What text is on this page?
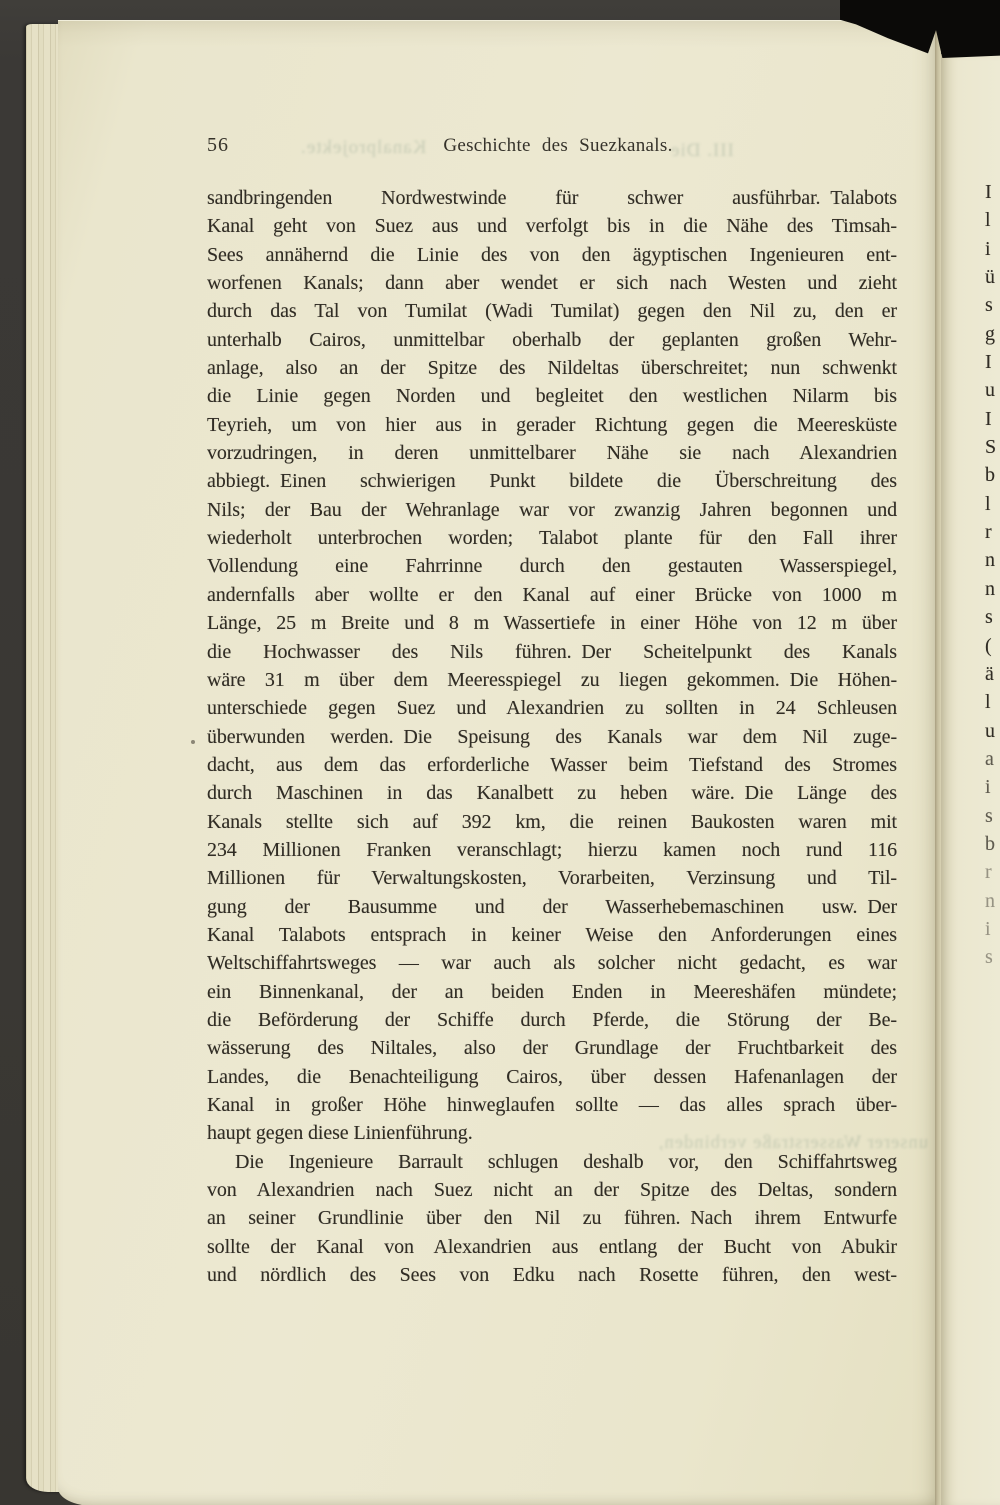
56	Geschichte des Suezkanals.
Kanalprojekte.	III. Die
sandbringenden Nordwestwinde für schwer ausführbar. Talabots
Kanal geht von Suez aus und verfolgt bis in die Nähe des Timsah-
Sees annähernd die Linie des von den ägyptischen Ingenieuren ent-
worfenen Kanals; dann aber wendet er sich nach Westen und zieht
durch das Tal von Tumilat (Wadi Tumilat) gegen den Nil zu, den er
unterhalb Cairos, unmittelbar oberhalb der geplanten großen Wehr-
anlage, also an der Spitze des Nildeltas überschreitet; nun schwenkt
die Linie gegen Norden und begleitet den westlichen Nilarm bis
Teyrieh, um von hier aus in gerader Richtung gegen die Meeresküste
vorzudringen, in deren unmittelbarer Nähe sie nach Alexandrien
abbiegt. Einen schwierigen Punkt bildete die Überschreitung des
Nils; der Bau der Wehranlage war vor zwanzig Jahren begonnen und
wiederholt unterbrochen worden; Talabot plante für den Fall ihrer
Vollendung eine Fahrrinne durch den gestauten Wasserspiegel,
andernfalls aber wollte er den Kanal auf einer Brücke von 1000 m
Länge, 25 m Breite und 8 m Wassertiefe in einer Höhe von 12 m über
die Hochwasser des Nils führen. Der Scheitelpunkt des Kanals
wäre 31 m über dem Meeresspiegel zu liegen gekommen. Die Höhen-
unterschiede gegen Suez und Alexandrien zu sollten in 24 Schleusen
überwunden werden. Die Speisung des Kanals war dem Nil zuge-
dacht, aus dem das erforderliche Wasser beim Tiefstand des Stromes
durch Maschinen in das Kanalbett zu heben wäre. Die Länge des
Kanals stellte sich auf 392 km, die reinen Baukosten waren mit
234 Millionen Franken veranschlagt; hierzu kamen noch rund 116
Millionen für Verwaltungskosten, Vorarbeiten, Verzinsung und Til-
gung der Bausumme und der Wasserhebemaschinen usw. Der
Kanal Talabots entsprach in keiner Weise den Anforderungen eines
Weltschiffahrtsweges — war auch als solcher nicht gedacht, es war
ein Binnenkanal, der an beiden Enden in Meereshäfen mündete;
die Beförderung der Schiffe durch Pferde, die Störung der Be-
wässerung des Niltales, also der Grundlage der Fruchtbarkeit des
Landes, die Benachteiligung Cairos, über dessen Hafenanlagen der
Kanal in großer Höhe hinweglaufen sollte — das alles sprach über-
haupt gegen diese Linienführung.
Die Ingenieure Barrault schlugen deshalb vor, den Schiffahrtsweg
von Alexandrien nach Suez nicht an der Spitze des Deltas, sondern
an seiner Grundlinie über den Nil zu führen. Nach ihrem Entwurfe
sollte der Kanal von Alexandrien aus entlang der Bucht von Abukir
und nördlich des Sees von Edku nach Rosette führen, den west-
unserer Wasserstraße verbinden,
I
l
i
ü
s
g
I
u
I
S
b
l
r
n
n
s
(
ä
l
u
a
i
s
b
r
n
i
s
